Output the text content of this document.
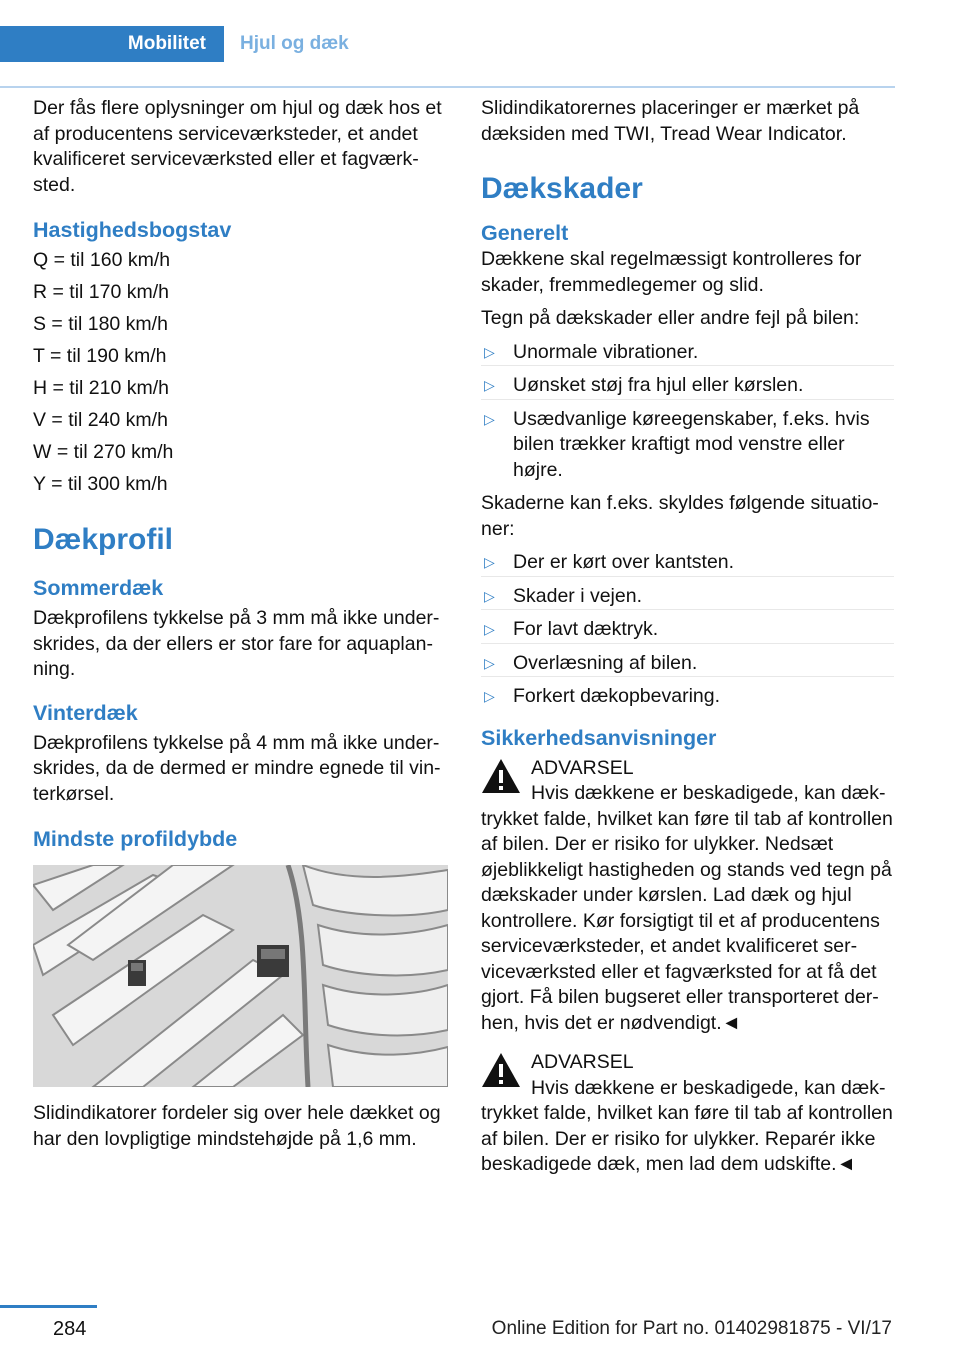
Mobilitet	Hjul og dæk

Der fås flere oplysninger om hjul og dæk hos et af producentens serviceværksteder, et andet kvalificeret serviceværksted eller et fagværksted.

Hastighedsbogstav

Q = til 160 km/h

R = til 170 km/h

S = til 180 km/h

T = til 190 km/h

H = til 210 km/h

V = til 240 km/h

W = til 270 km/h

Y = til 300 km/h

Dækprofil
Sommerdæk

Dækprofilens tykkelse på 3 mm må ikke underskrides, da der ellers er stor fare for aquaplanning.

Vinterdæk

Dækprofilens tykkelse på 4 mm må ikke underskrides, da de dermed er mindre egnede til vinterkørsel.

Mindste profildybde

Slidindikatorer fordeler sig over hele dækket og har den lovpligtige mindstehøjde på 1,6 mm.

Slidindikatorernes placeringer er mærket på dæksiden med TWI, Tread Wear Indicator.

Dækskader
Generelt

Dækkene skal regelmæssigt kontrolleres for skader, fremmedlegemer og slid.

Tegn på dækskader eller andre fejl på bilen:

▷ Unormale vibrationer.
▷ Uønsket støj fra hjul eller kørslen.
▷ Usædvanlige køreegenskaber, f.eks. hvis bilen trækker kraftigt mod venstre eller højre.

Skaderne kan f.eks. skyldes følgende situationer:

▷ Der er kørt over kantsten.
▷ Skader i vejen.
▷ For lavt dæktryk.
▷ Overlæsning af bilen.
▷ Forkert dækopbevaring.
Sikkerhedsanvisninger

ADVARSEL

Hvis dækkene er beskadigede, kan dæktrykket falde, hvilket kan føre til tab af kontrollen af bilen. Der er risiko for ulykker. Nedsæt øjeblikkeligt hastigheden og stands ved tegn på dækskader under kørslen. Lad dæk og hjul kontrollere. Kør forsigtigt til et af producentens serviceværksteder, et andet kvalificeret serviceværksted eller et fagværksted for at få det gjort. Få bilen bugseret eller transporteret derhen, hvis det er nødvendigt.◄

ADVARSEL

Hvis dækkene er beskadigede, kan dæktrykket falde, hvilket kan føre til tab af kontrollen af bilen. Der er risiko for ulykker. Reparér ikke beskadigede dæk, men lad dem udskifte.◄

284	Online Edition for Part no. 01402981875 - VI/17
